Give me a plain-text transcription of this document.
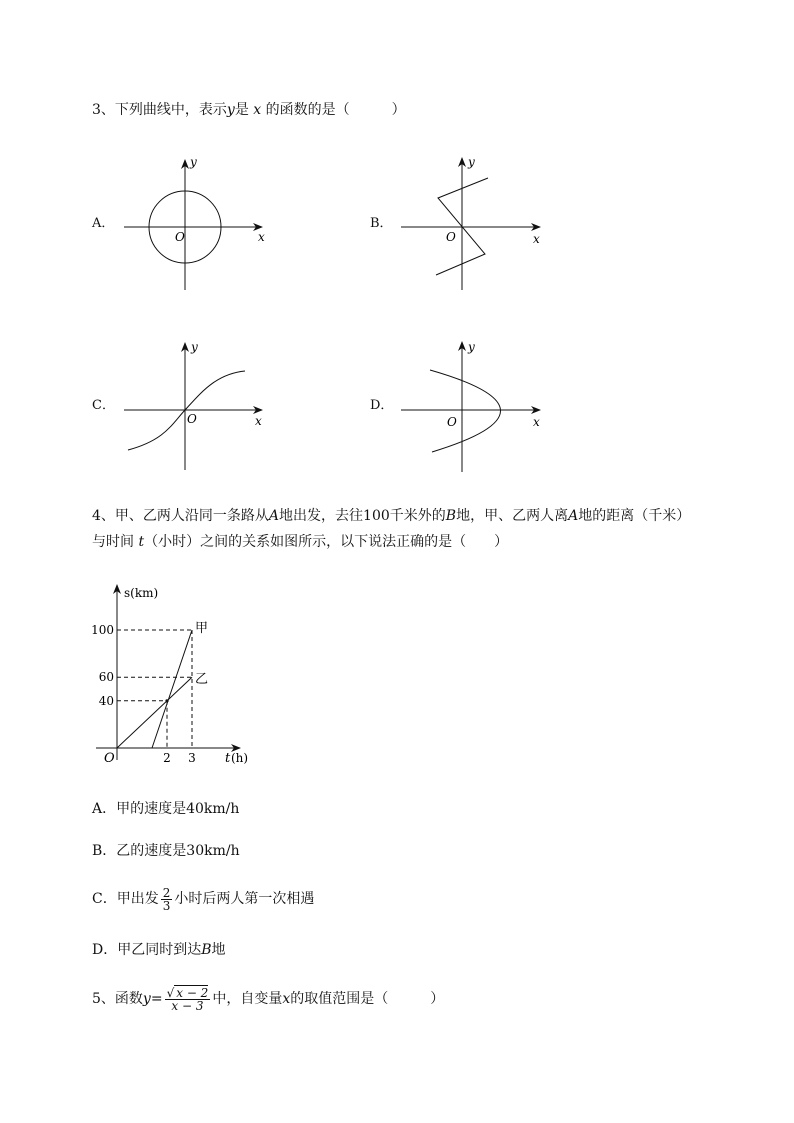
3、下列曲线中，表示y是 x 的函数的是（　　　	）
A．	B．
C．	D．
y
x
O
y
x
O
y
x
O
y
x
O
4、甲、乙两人沿同一条路从A地出发，去往100千米外的B地，甲、乙两人离A地的距离（千米）
与时间 t（小时）之间的关系如图所示，以下说法正确的是（　　）
100
60
40
2 3
甲
乙
s(km)
t (h)
O
A．甲的速度是40km/h
B．乙的速度是30km/h
C．甲出发 $\frac{2}{3}$ 小时后两人第一次相遇
D．甲乙同时到达B地
5、函数$y= \frac{√ x - 2}{x - 3}$ 中，自变量x的取值范围是（　　　	）
